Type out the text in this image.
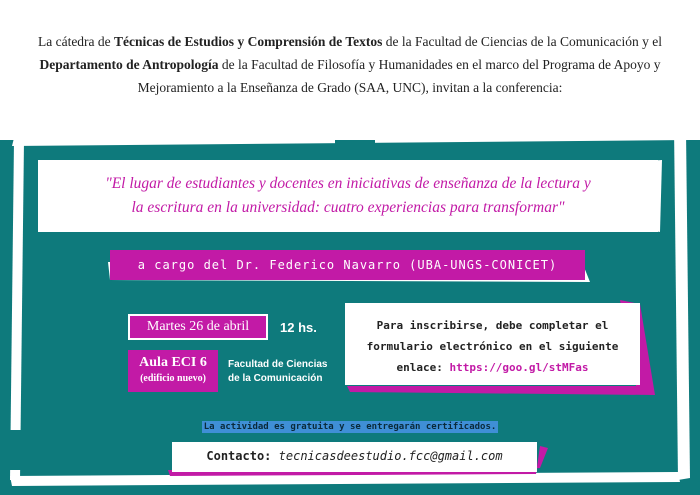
La cátedra de Técnicas de Estudios y Comprensión de Textos de la Facultad de Ciencias de la Comunicación y el Departamento de Antropología de la Facultad de Filosofía y Humanidades en el marco del Programa de Apoyo y Mejoramiento a la Enseñanza de Grado (SAA, UNC), invitan a la conferencia:
"El lugar de estudiantes y docentes en iniciativas de enseñanza de la lectura y
la escritura en la universidad: cuatro experiencias para transformar"
a cargo del Dr. Federico Navarro (UBA-UNGS-CONICET)
Martes 26 de abril	12 hs.
Aula ECI 6
(edificio nuevo)
Facultad de Ciencias
de la Comunicación
Para inscribirse, debe completar el
formulario electrónico en el siguiente
enlace: https://goo.gl/stMFas
La actividad es gratuita y se entregarán certificados.
Contacto: tecnicasdeestudio.fcc@gmail.com
